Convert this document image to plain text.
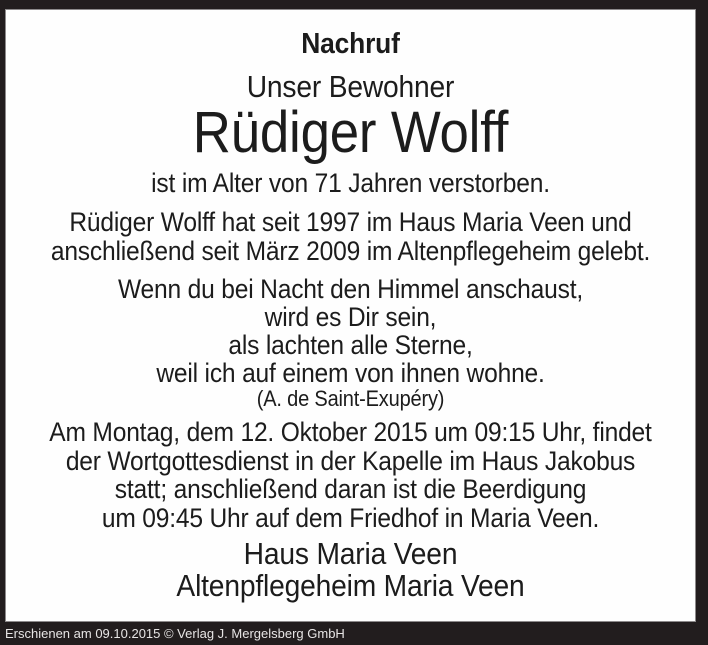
Nachruf
Unser Bewohner
Rüdiger Wolff
ist im Alter von 71 Jahren verstorben.
Rüdiger Wolff hat seit 1997 im Haus Maria Veen und
anschließend seit März 2009 im Altenpflegeheim gelebt.
Wenn du bei Nacht den Himmel anschaust,
wird es Dir sein,
als lachten alle Sterne,
weil ich auf einem von ihnen wohne.
(A. de Saint-Exupéry)
Am Montag, dem 12. Oktober 2015 um 09:15 Uhr, findet
der Wortgottesdienst in der Kapelle im Haus Jakobus
statt; anschließend daran ist die Beerdigung
um 09:45 Uhr auf dem Friedhof in Maria Veen.
Haus Maria Veen
Altenpflegeheim Maria Veen
Erschienen am 09.10.2015 © Verlag J. Mergelsberg GmbH
